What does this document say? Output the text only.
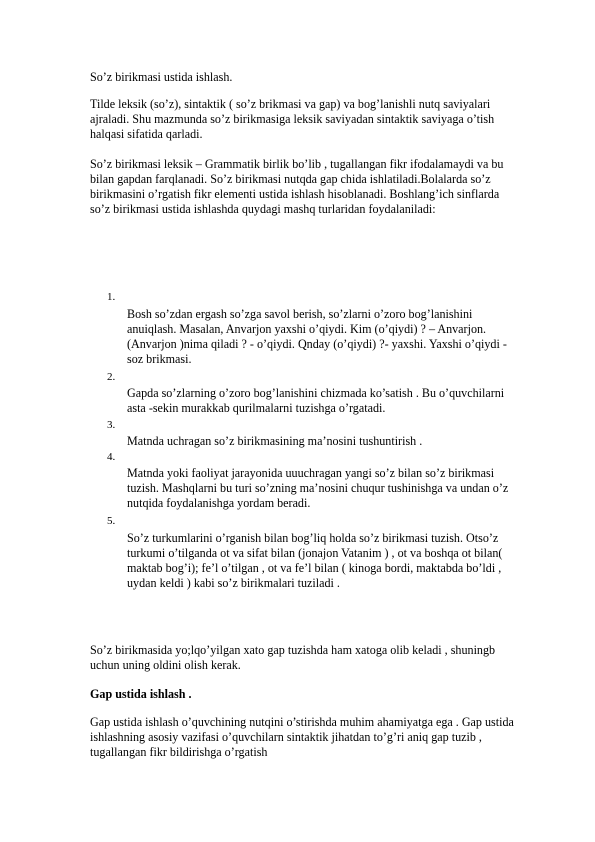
So’z birikmasi ustida ishlash.

Tilde leksik (so’z), sintaktik ( so’z brikmasi va gap) va bog’lanishli nutq saviyalari ajraladi. Shu mazmunda so’z birikmasiga leksik saviyadan sintaktik saviyaga o’tish halqasi sifatida qarladi.

So’z birikmasi leksik – Grammatik birlik bo’lib , tugallangan fikr ifodalamaydi va bu bilan gapdan farqlanadi. So’z birikmasi nutqda gap chida ishlatiladi.Bolalarda so’z birikmasini o’rgatish fikr elementi ustida ishlash hisoblanadi. Boshlang’ich sinflarda so’z birikmasi ustida ishlashda quydagi mashq turlaridan foydalaniladi:

1.

Bosh so’zdan ergash so’zga savol berish, so’zlarni o’zoro bog’lanishini anuiqlash. Masalan, Anvarjon yaxshi o’qiydi. Kim (o’qiydi) ? – Anvarjon.(Anvarjon )nima qiladi ? - o’qiydi. Qnday (o’qiydi) ?- yaxshi. Yaxshi o’qiydi - soz brikmasi.

2.

Gapda so’zlarning o’zoro bog’lanishini chizmada ko’satish . Bu o’quvchilarni asta -sekin murakkab qurilmalarni tuzishga o’rgatadi.

3.

Matnda uchragan so’z birikmasining ma’nosini tushuntirish .

4.

Matnda yoki faoliyat jarayonida uuuchragan yangi so’z bilan so’z birikmasi tuzish. Mashqlarni bu turi so’zning ma’nosini chuqur tushinishga va undan o’z nutqida foydalanishga yordam beradi.

5.

So’z turkumlarini o’rganish bilan bog’liq holda so’z birikmasi tuzish. Otso’z turkumi o’tilganda ot va sifat bilan (jonajon Vatanim ) , ot va boshqa ot bilan( maktab bog’i); fe’l o’tilgan , ot va fe’l bilan ( kinoga bordi, maktabda bo’ldi , uydan keldi ) kabi so’z birikmalari tuziladi .

So’z birikmasida yo;lqo’yilgan xato gap tuzishda ham xatoga olib keladi , shuningb uchun uning oldini olish kerak.

Gap ustida ishlash .

Gap ustida ishlash o’quvchining nutqini o’stirishda muhim ahamiyatga ega . Gap ustida ishlashning asosiy vazifasi o’quvchilarn sintaktik jihatdan to’g’ri aniq gap tuzib , tugallangan fikr bildirishga o’rgatish
